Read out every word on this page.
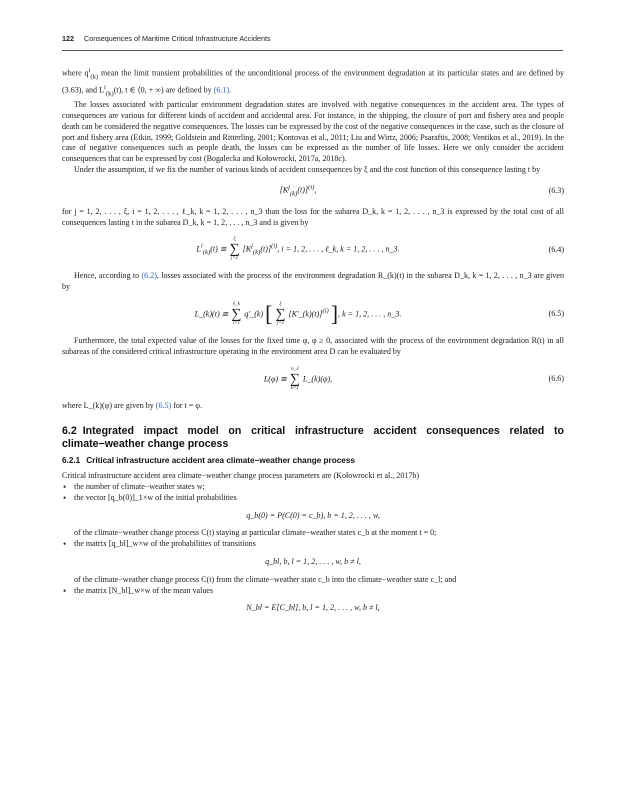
122 Consequences of Maritime Critical Infrastructure Accidents

where $q^i_{(k)}$ mean the limit transient probabilities of the unconditional process of the environment degradation at its particular states and are defined by (3.63), and $L^i_{(k)}(t)$, t ∈ ⟨0, + ∞) are defined by (6.1).

The losses associated with particular environment degradation states are involved with negative consequences in the accident area. The types of consequences are various for different kinds of accident and accidental area. For instance, in the shipping, the closure of port and fishery area and people death can be considered the negative consequences. The losses can be expressed by the cost of the negative consequences in the case, such as the closure of port and fishery area (Etkin, 1999; Goldstein and Ritterling, 2001; Kontovas et al., 2011; Liu and Wirtz, 2006; Psaraftis, 2008; Ventikos et al., 2019). In the case of negative consequences such as people death, the losses can be expressed as the number of life losses. Here we only consider the accident consequences that can be expressed by cost (Bogalecka and Kołowrocki, 2017a, 2018c).

Under the assumption, if we fix the number of various kinds of accident consequences by ξ and the cost function of this consequence lasting t by

$[K^j_{(k)}(t)]^{(i)}$,	(6.3)

for j = 1, 2, . . . , ξ, i = 1, 2, . . . , ℓ_k, k = 1, 2, . . . , n_3 than the loss for the subarea D_k, k = 1, 2, . . . , n_3 is expressed by the total cost of all consequences lasting t in the subarea D_k, k = 1, 2, . . . , n_3 and is given by

$L^i_{(k)}(t)$ ≅
ξ
∑
j=1
$[K^j_{(k)}(t)]^{(i)}$, i = 1, 2, . . . , ℓ_k, k = 1, 2, . . . , n_3.	(6.4)

Hence, according to (6.2), losses associated with the process of the environment degradation R_(k)(t) in the subarea D_k, k = 1, 2, . . . , n_3 are given by

L_(k)(t) ≅
ℓ_k
∑
i=1
q'_(k) [ ξ
∑
j=1
[K'_(k)(t)]$^{(i)}$ ], k = 1, 2, . . . , n_3.	(6.5)

Furthermore, the total expected value of the losses for the fixed time φ, φ ≥ 0, associated with the process of the environment degradation R(t) in all subareas of the considered critical infrastructure operating in the environment area D can be evaluated by

L(φ) ≅
n_3
∑
k=1
L_(k)(φ),	(6.6)

where L_(k)(φ) are given by (6.5) for t = φ.

6.2 Integrated impact model on critical infrastructure accident consequences related to climate−weather change process
6.2.1 Critical infrastructure accident area climate−weather change process

Critical infrastructure accident area climate−weather change process parameters are (Kołowrocki et al., 2017b)

• the number of climate−weather states w;
• the vector [q_b(0)]_1×w of the initial probabilities
q_b(0) = P(C(0) = c_b), b = 1, 2, . . . , w,

of the climate−weather change process C(t) staying at particular climate−weather states c_b at the moment t = 0;

• the matrix [q_bl]_w×w of the probabilities of transitions
q_bl, b, l = 1, 2, . . . , w, b ≠ l,

of the climate−weather change process C(t) from the climate−weather state c_b into the climate−weather state c_l; and

• the matrix [N_bl]_w×w of the mean values
N_bl = E[C_bl], b, l = 1, 2, . . . , w, b ≠ l,
